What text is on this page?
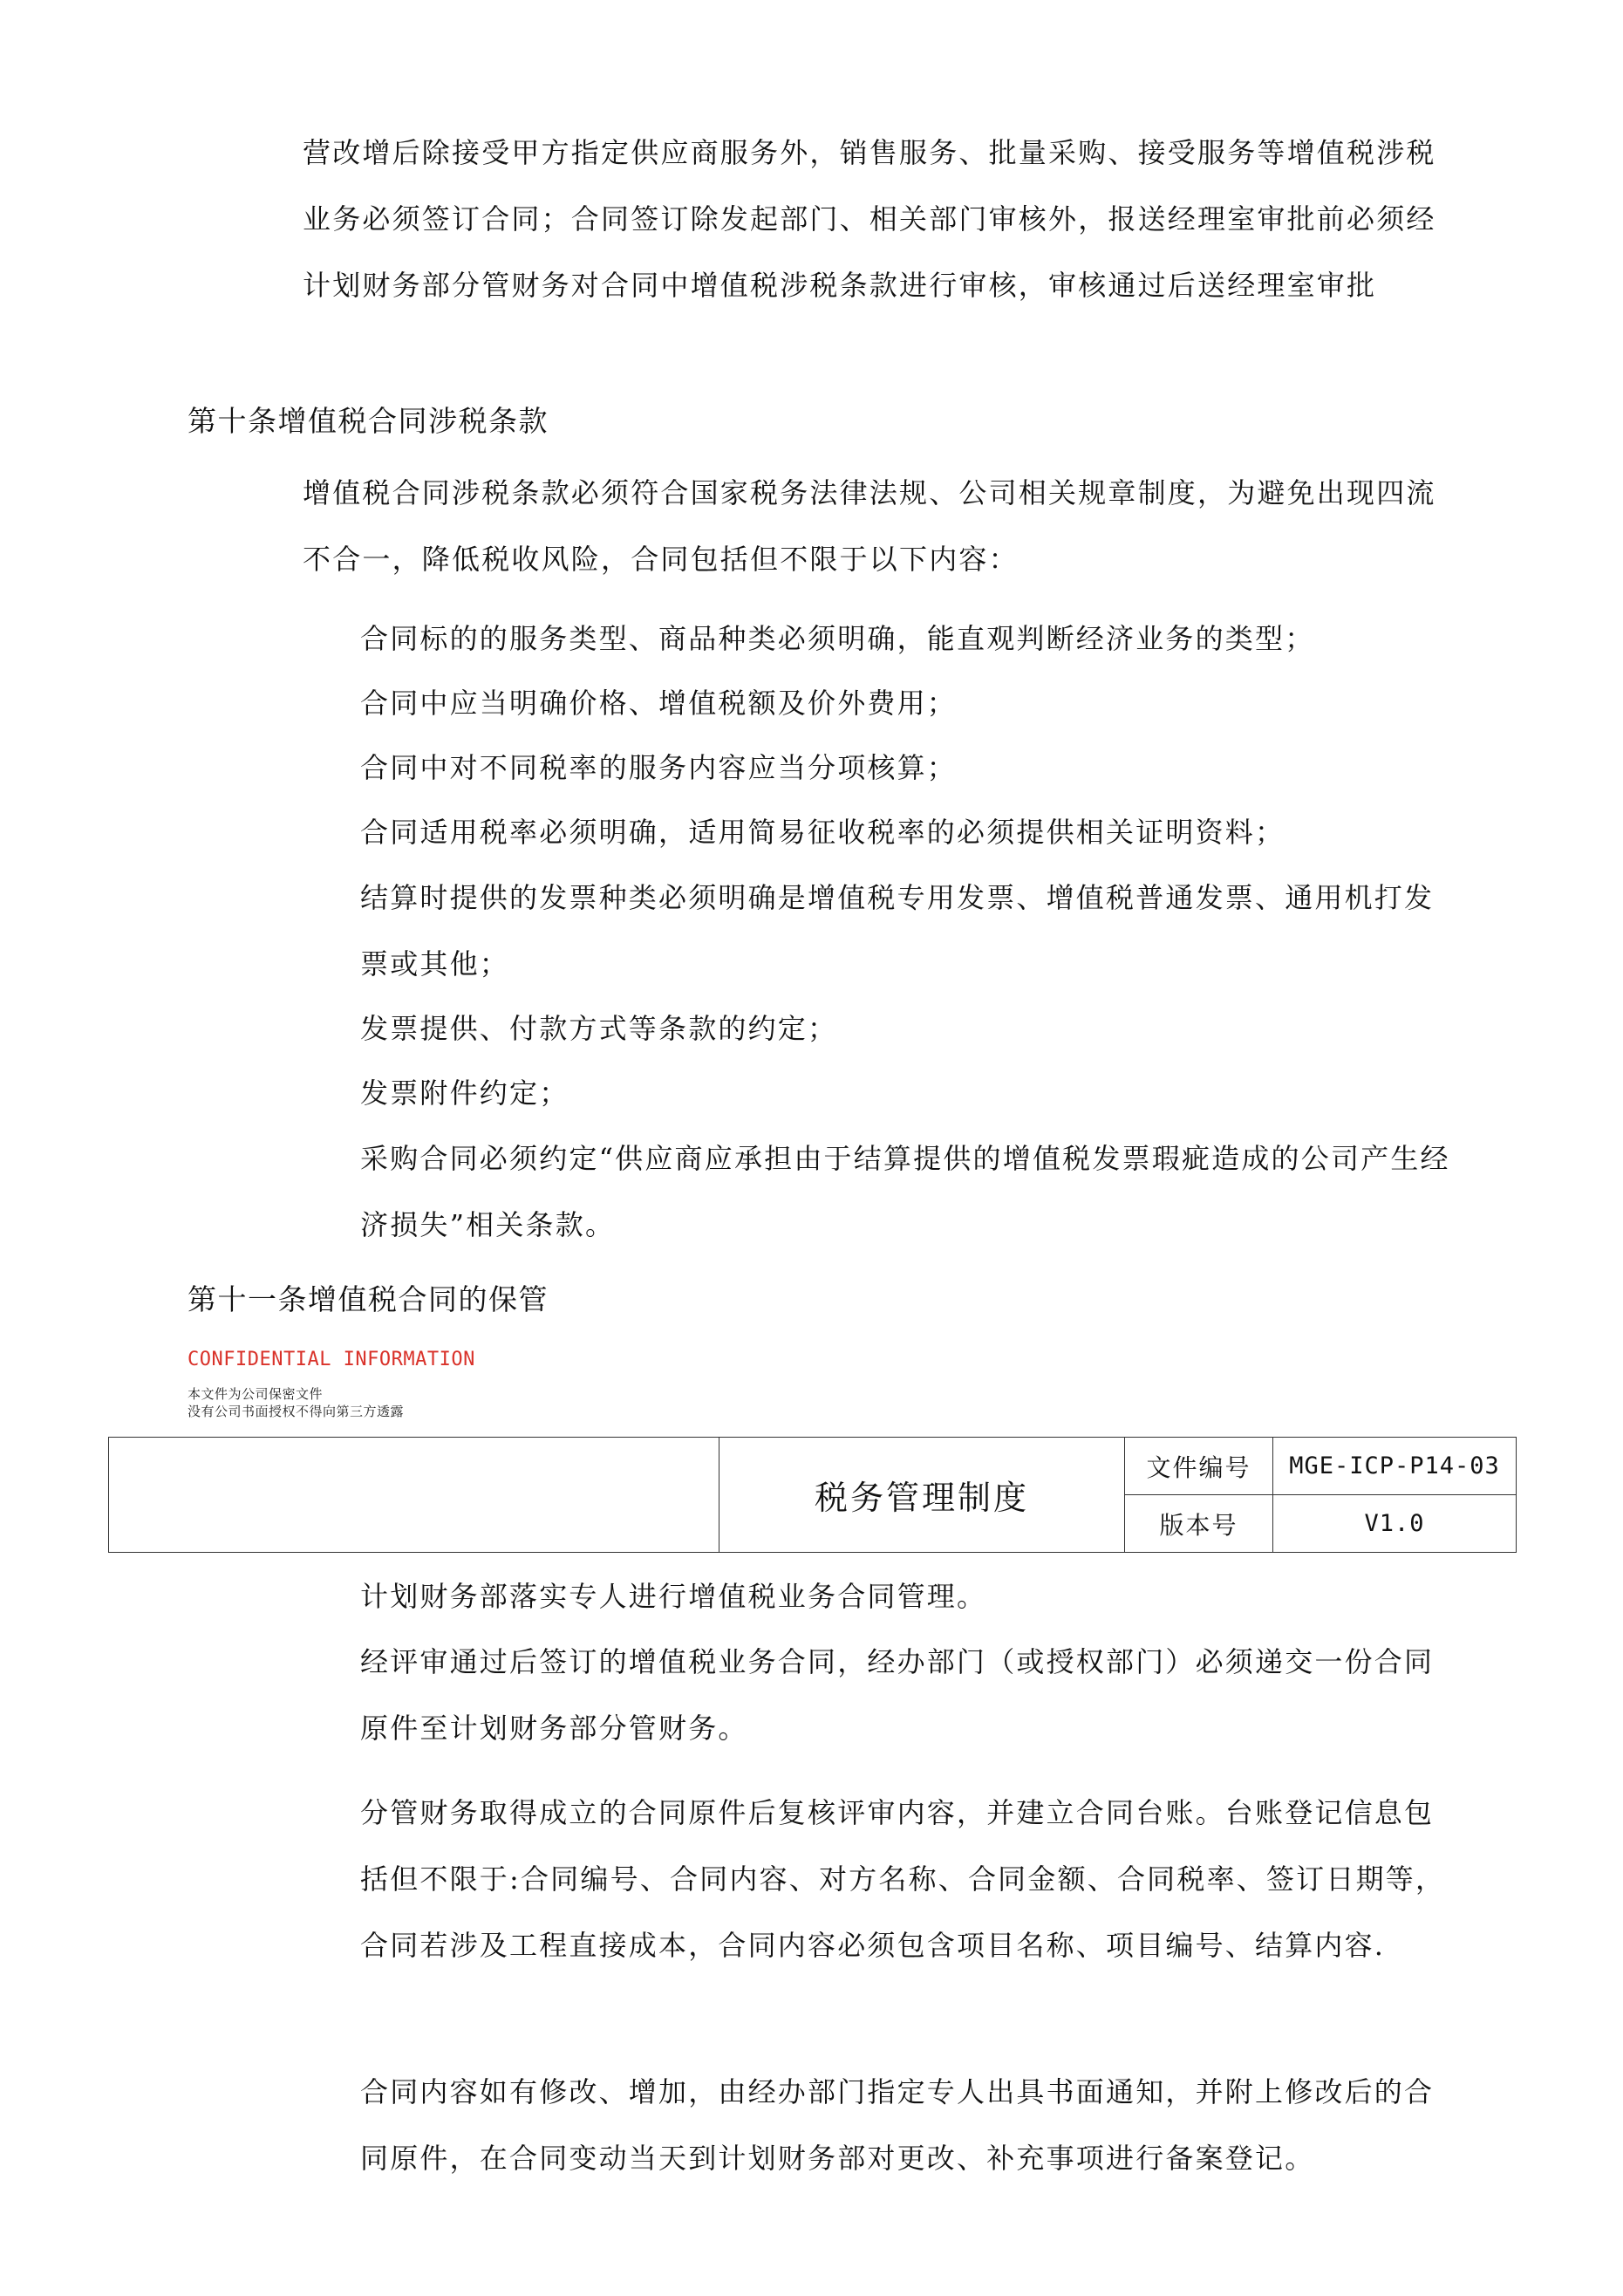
营改增后除接受甲方指定供应商服务外，销售服务、批量采购、接受服务等增值税涉税业务必须签订合同；合同签订除发起部门、相关部门审核外，报送经理室审批前必须经计划财务部分管财务对合同中增值税涉税条款进行审核，审核通过后送经理室审批

第十条增值税合同涉税条款

增值税合同涉税条款必须符合国家税务法律法规、公司相关规章制度，为避免出现四流不合一，降低税收风险，合同包括但不限于以下内容：

合同标的的服务类型、商品种类必须明确，能直观判断经济业务的类型；

合同中应当明确价格、增值税额及价外费用；

合同中对不同税率的服务内容应当分项核算；

合同适用税率必须明确，适用简易征收税率的必须提供相关证明资料；

结算时提供的发票种类必须明确是增值税专用发票、增值税普通发票、通用机打发票或其他；

发票提供、付款方式等条款的约定；

发票附件约定；

采购合同必须约定“供应商应承担由于结算提供的增值税发票瑕疵造成的公司产生经济损失”相关条款。

第十一条增值税合同的保管

CONFIDENTIAL INFORMATION
本文件为公司保密文件
没有公司书面授权不得向第三方透露
	税务管理制度	文件编号	MGE-ICP-P14-03
		版本号	V1.0

计划财务部落实专人进行增值税业务合同管理。

经评审通过后签订的增值税业务合同，经办部门（或授权部门）必须递交一份合同原件至计划财务部分管财务。

分管财务取得成立的合同原件后复核评审内容，并建立合同台账。台账登记信息包括但不限于:合同编号、合同内容、对方名称、合同金额、合同税率、签订日期等，合同若涉及工程直接成本，合同内容必须包含项目名称、项目编号、结算内容.

合同内容如有修改、增加，由经办部门指定专人出具书面通知，并附上修改后的合同原件，在合同变动当天到计划财务部对更改、补充事项进行备案登记。
